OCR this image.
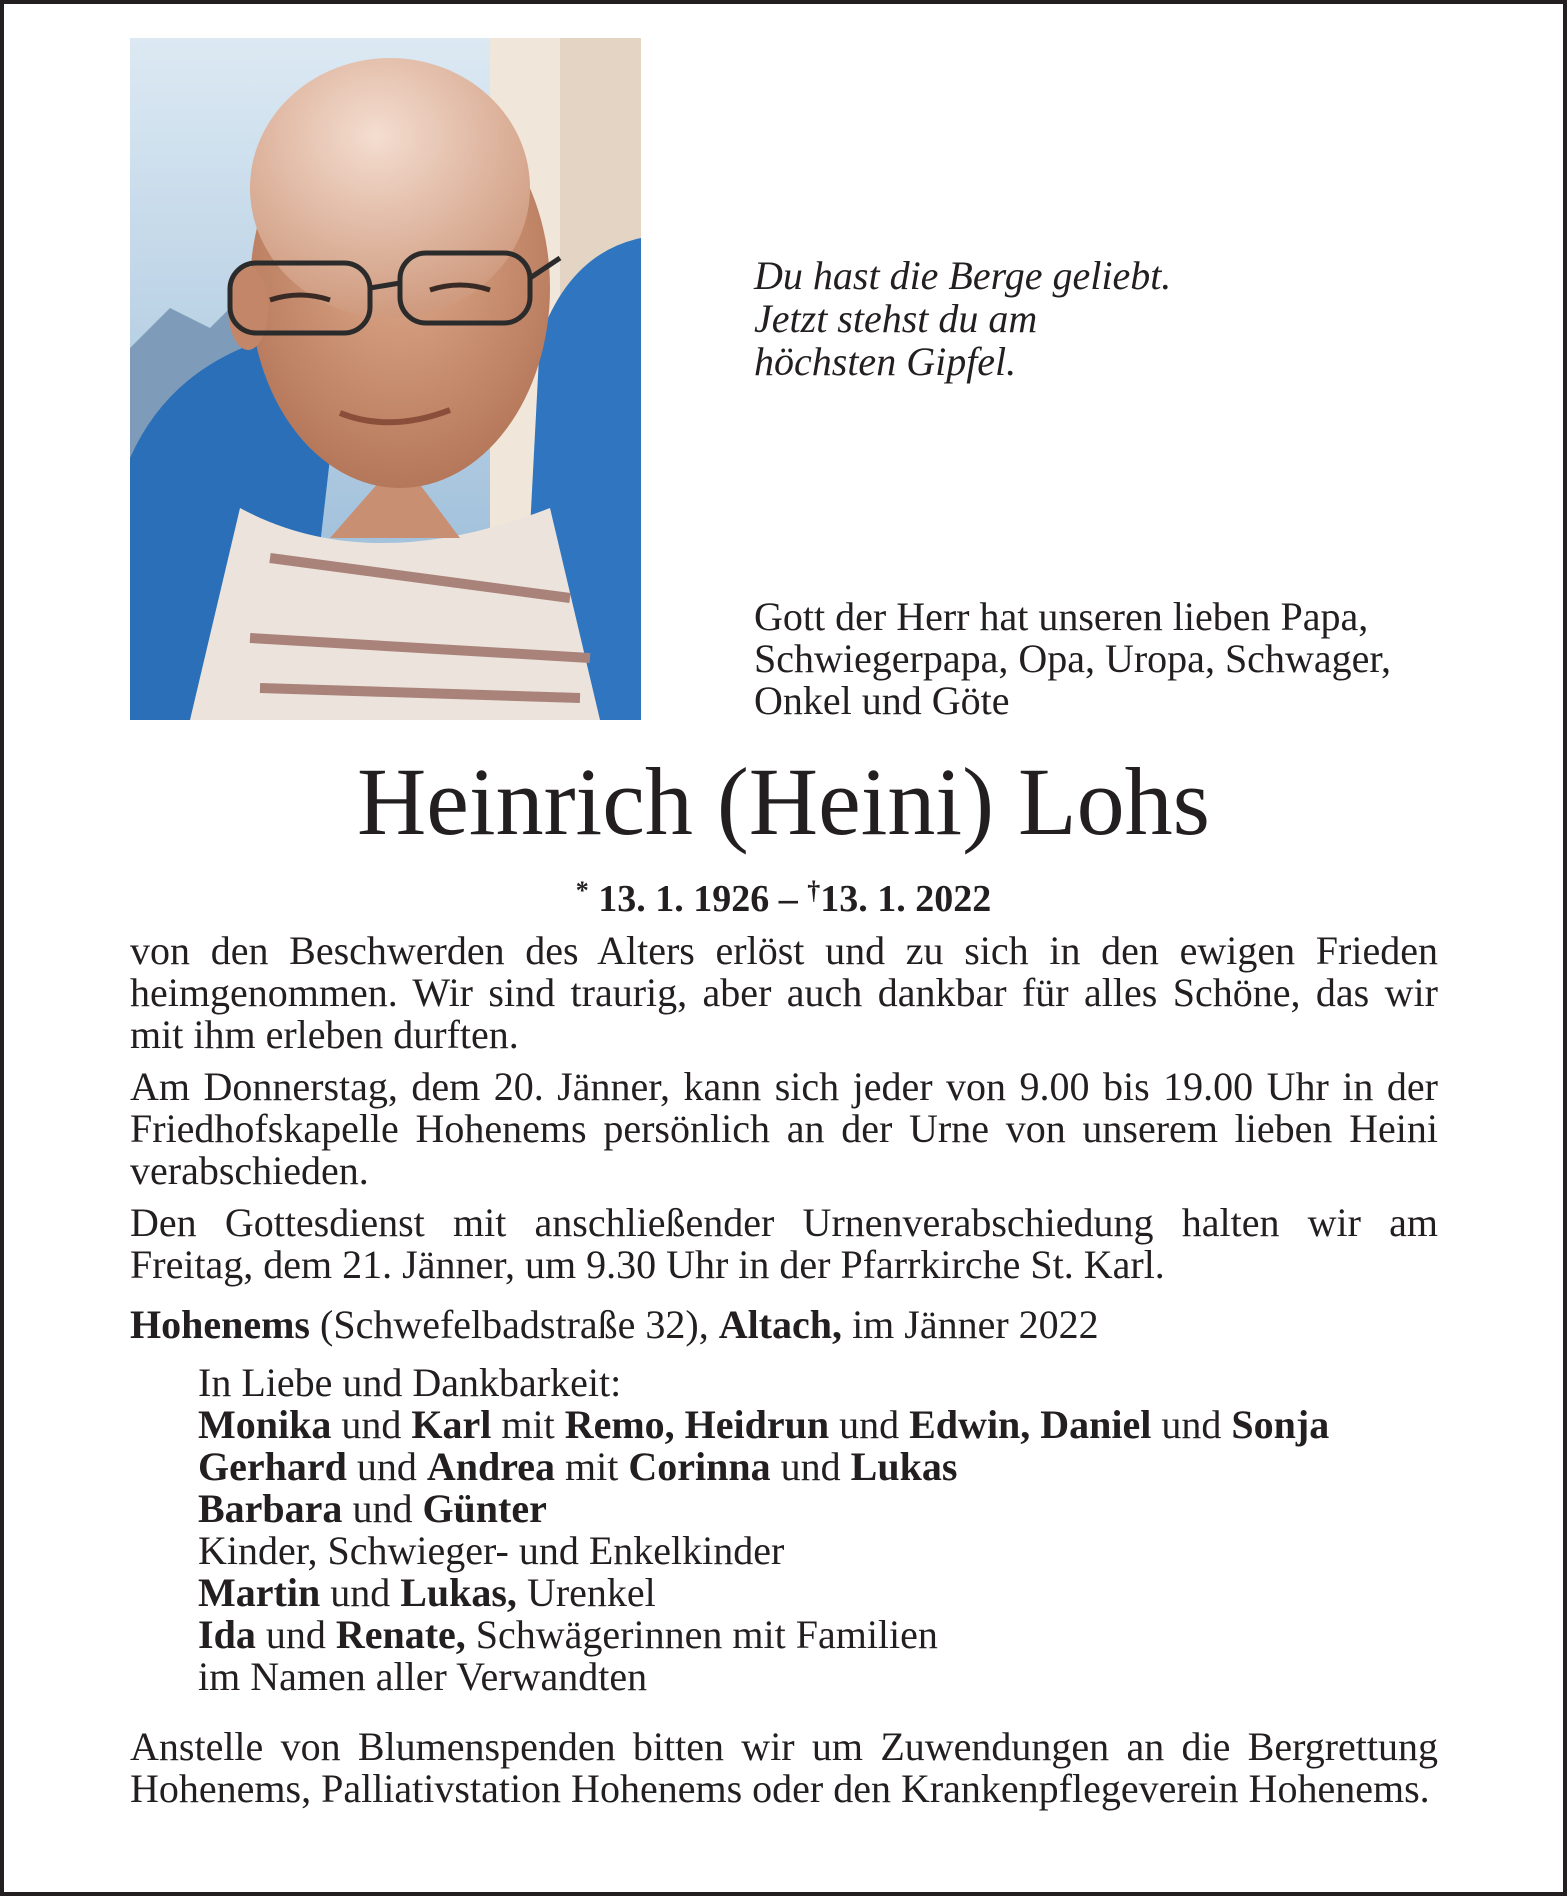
Du hast die Berge geliebt.
Jetzt stehst du am
höchsten Gipfel.
Gott der Herr hat unseren lieben Papa,
Schwiegerpapa, Opa, Uropa, Schwager,
Onkel und Göte
Heinrich (Heini) Lohs
* 13. 1. 1926 – †13. 1. 2022
von den Beschwerden des Alters erlöst und zu sich in den ewigen Frieden heimgenommen. Wir sind traurig, aber auch dankbar für alles Schöne, das wir mit ihm erleben durften.
Am Donnerstag, dem 20. Jänner, kann sich jeder von 9.00 bis 19.00 Uhr in der Friedhofskapelle Hohenems persönlich an der Urne von unserem lieben Heini verabschieden.
Den Gottesdienst mit anschließender Urnenverabschiedung halten wir am Freitag, dem 21. Jänner, um 9.30 Uhr in der Pfarrkirche St. Karl.
Hohenems (Schwefelbadstraße 32), Altach, im Jänner 2022
In Liebe und Dankbarkeit:
Monika und Karl mit Remo, Heidrun und Edwin, Daniel und Sonja
Gerhard und Andrea mit Corinna und Lukas
Barbara und Günter
Kinder, Schwieger- und Enkelkinder
Martin und Lukas, Urenkel
Ida und Renate, Schwägerinnen mit Familien
im Namen aller Verwandten
Anstelle von Blumenspenden bitten wir um Zuwendungen an die Bergrettung Hohenems, Palliativstation Hohenems oder den Krankenpflegeverein Hohenems.
